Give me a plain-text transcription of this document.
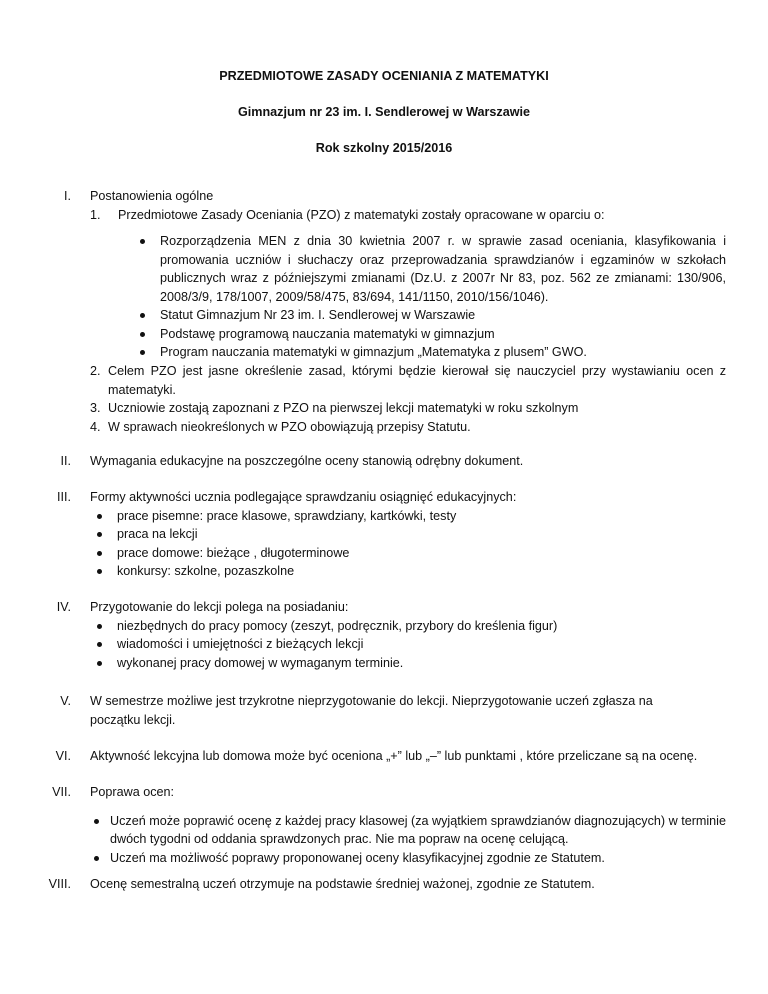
PRZEDMIOTOWE ZASADY OCENIANIA Z MATEMATYKI
Gimnazjum nr 23 im. I. Sendlerowej w Warszawie
Rok szkolny 2015/2016
I. Postanowienia ogólne
1. Przedmiotowe Zasady Oceniania (PZO) z matematyki zostały opracowane w oparciu o:
Rozporządzenia MEN z dnia 30 kwietnia 2007 r. w sprawie zasad oceniania, klasyfikowania i promowania uczniów i słuchaczy oraz przeprowadzania sprawdzianów i egzaminów w szkołach publicznych wraz z późniejszymi zmianami (Dz.U. z 2007r Nr 83, poz. 562 ze zmianami: 130/906, 2008/3/9, 178/1007, 2009/58/475, 83/694, 141/1150, 2010/156/1046).
Statut Gimnazjum Nr 23 im. I. Sendlerowej w Warszawie
Podstawę programową nauczania matematyki w gimnazjum
Program nauczania matematyki w gimnazjum „Matematyka z plusem” GWO.
2. Celem PZO jest jasne określenie zasad, którymi będzie kierował się nauczyciel przy wystawianiu ocen z matematyki.
3. Uczniowie zostają zapoznani z PZO na pierwszej lekcji matematyki w roku szkolnym
4. W sprawach nieokreślonych w PZO obowiązują przepisy Statutu.
II. Wymagania edukacyjne na poszczególne oceny stanowią odrębny dokument.
III. Formy aktywności ucznia podlegające sprawdzaniu osiągnięć edukacyjnych:
prace pisemne: prace klasowe, sprawdziany, kartkówki, testy
praca na lekcji
prace domowe: bieżące , długoterminowe
konkursy: szkolne, pozaszkolne
IV. Przygotowanie do lekcji polega na posiadaniu:
niezbędnych do pracy pomocy (zeszyt, podręcznik, przybory do kreślenia figur)
wiadomości i umiejętności z bieżących lekcji
wykonanej pracy domowej w wymaganym terminie.
V. W semestrze możliwe jest trzykrotne nieprzygotowanie do lekcji. Nieprzygotowanie uczeń zgłasza na
początku lekcji.
VI. Aktywność lekcyjna lub domowa może być oceniona „+” lub „–” lub punktami , które przeliczane są na ocenę.
VII. Poprawa ocen:
Uczeń może poprawić ocenę z każdej pracy klasowej (za wyjątkiem sprawdzianów diagnozujących) w terminie dwóch tygodni od oddania sprawdzonych prac. Nie ma popraw na ocenę celującą.
Uczeń ma możliwość poprawy proponowanej oceny klasyfikacyjnej zgodnie ze Statutem.
VIII. Ocenę semestralną uczeń otrzymuje na podstawie średniej ważonej, zgodnie ze Statutem.
